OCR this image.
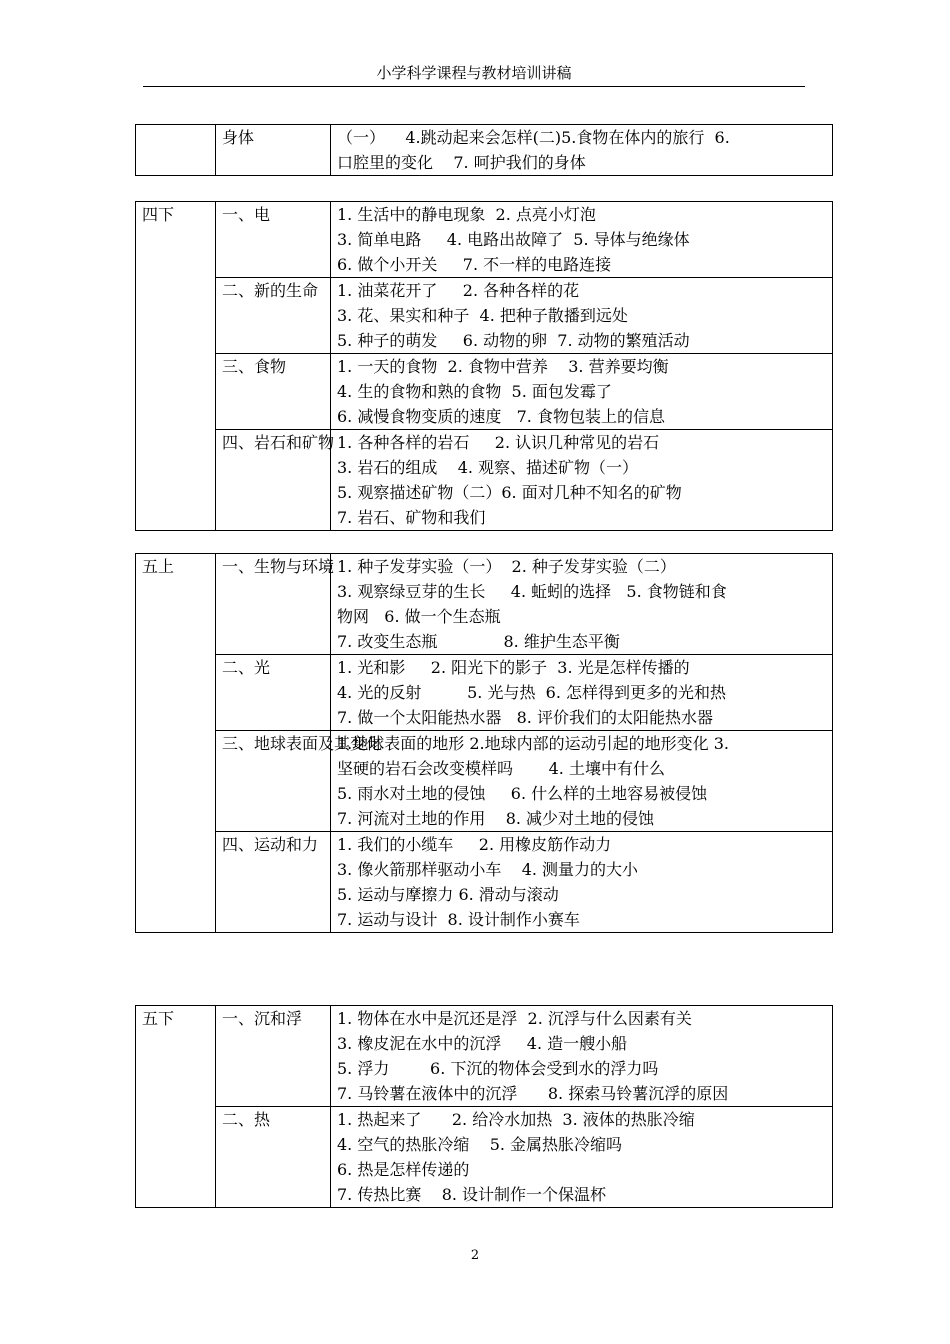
小学科学课程与教材培训讲稿
	身体	（一）    4.跳动起来会怎样(二)5.食物在体内的旅行  6.
口腔里的变化    7. 呵护我们的身体
四下	一、电	1. 生活中的静电现象  2. 点亮小灯泡
3. 简单电路     4. 电路出故障了  5. 导体与绝缘体
6. 做个小开关     7. 不一样的电路连接

	二、新的生命	1. 油菜花开了     2. 各种各样的花
3. 花、果实和种子  4. 把种子散播到远处
5. 种子的萌发     6. 动物的卵  7. 动物的繁殖活动

	三、食物	1. 一天的食物  2. 食物中营养    3. 营养要均衡
4. 生的食物和熟的食物  5. 面包发霉了
6. 减慢食物变质的速度   7. 食物包装上的信息

	四、岩石和矿物	1. 各种各样的岩石     2. 认识几种常见的岩石
3. 岩石的组成    4. 观察、描述矿物（一）
5. 观察描述矿物（二）6. 面对几种不知名的矿物
7. 岩石、矿物和我们
五上	一、生物与环境	1. 种子发芽实验（一）  2. 种子发芽实验（二）
3. 观察绿豆芽的生长     4. 蚯蚓的选择   5. 食物链和食
物网   6. 做一个生态瓶
7. 改变生态瓶             8. 维护生态平衡

	二、光	1. 光和影     2. 阳光下的影子  3. 光是怎样传播的
4. 光的反射         5. 光与热  6. 怎样得到更多的光和热
7. 做一个太阳能热水器   8. 评价我们的太阳能热水器

	三、地球表面及其变化	1.地球表面的地形 2.地球内部的运动引起的地形变化 3.
坚硬的岩石会改变模样吗       4. 土壤中有什么
5. 雨水对土地的侵蚀     6. 什么样的土地容易被侵蚀
7. 河流对土地的作用    8. 减少对土地的侵蚀

	四、运动和力	1. 我们的小缆车     2. 用橡皮筋作动力
3. 像火箭那样驱动小车    4. 测量力的大小
5. 运动与摩擦力 6. 滑动与滚动
7. 运动与设计  8. 设计制作小赛车
五下	一、沉和浮	1. 物体在水中是沉还是浮  2. 沉浮与什么因素有关
3. 橡皮泥在水中的沉浮     4. 造一艘小船
5. 浮力        6. 下沉的物体会受到水的浮力吗
7. 马铃薯在液体中的沉浮      8. 探索马铃薯沉浮的原因

	二、热	1. 热起来了      2. 给冷水加热  3. 液体的热胀冷缩
4. 空气的热胀冷缩    5. 金属热胀冷缩吗
6. 热是怎样传递的
7. 传热比赛    8. 设计制作一个保温杯
2
